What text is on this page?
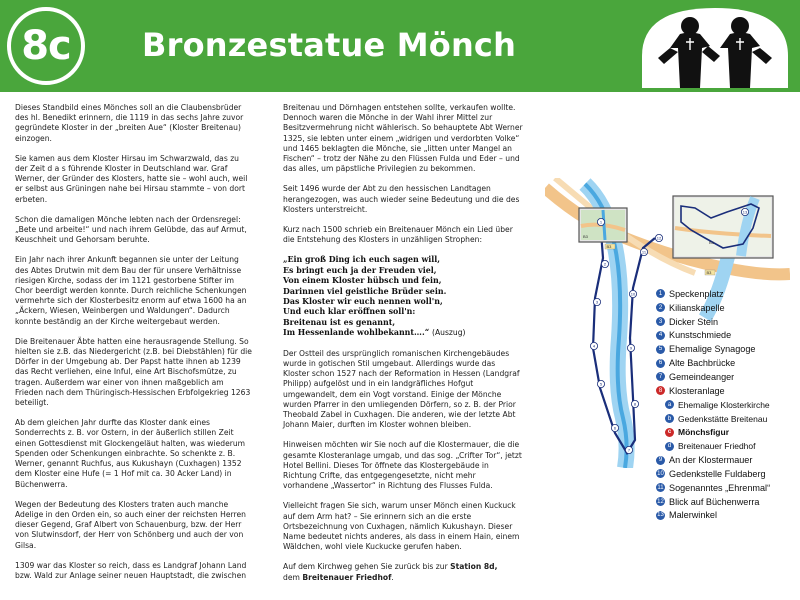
8c Bronzestatue Mönch

Dieses Standbild eines Mönches soll an die Claubensbrüder des hl. Benedikt erinnern, die 1119 in das sechs Jahre zuvor gegründete Kloster in der „breiten Aue“ (Kloster Breitenau) einzogen.

Sie kamen aus dem Kloster Hirsau im Schwarzwald, das zu der Zeit d a s führende Kloster in Deutschland war. Graf Werner, der Gründer des Klosters, hatte sie – wohl auch, weil er selbst aus Grüningen nahe bei Hirsau stammte – von dort erbeten.

Schon die damaligen Mönche lebten nach der Ordensregel: „Bete und arbeite!“ und nach ihrem Gelübde, das auf Armut, Keuschheit und Gehorsam beruhte.

Ein Jahr nach ihrer Ankunft begannen sie unter der Leitung des Abtes Drutwin mit dem Bau der für unsere Verhältnisse riesigen Kirche, sodass der im 1121 gestorbene Stifter im Chor beerdigt werden konnte. Durch reichliche Schenkungen vermehrte sich der Klosterbesitz enorm auf etwa 1600 ha an „Äckern, Wiesen, Weinbergen und Waldungen“. Dadurch konnte beständig an der Kirche weitergebaut werden.

Die Breitenauer Äbte hatten eine herausragende Stellung. So hielten sie z.B. das Niedergericht (z.B. bei Diebstählen) für die Dörfer in der Umgebung ab. Der Papst hatte ihnen ab 1239 das Recht verliehen, eine Inful, eine Art Bischofsmütze, zu tragen. Außerdem war einer von ihnen maßgeblich am Frieden nach dem Thüringisch-Hessischen Erbfolgekrieg 1263 beteiligt.

Ab dem gleichen Jahr durfte das Kloster dank eines Sonderrechts z. B. vor Ostern, in der äußerlich stillen Zeit einen Gottesdienst mit Glockengeläut halten, was wiederum Spenden oder Schenkungen einbrachte. So schenkte z. B. Werner, genannt Ruchfus, aus Kukushayn (Cuxhagen) 1352 dem Kloster eine Hufe (= 1 Hof mit ca. 30 Acker Land) in Büchenwerra.

Wegen der Bedeutung des Klosters traten auch manche Adelige in den Orden ein, so auch einer der reichsten Herren dieser Gegend, Graf Albert von Schauenburg, bzw. der Herr von Slutwinsdorf, der Herr von Schönberg und auch der von Gilsa.

1309 war das Kloster so reich, dass es Landgraf Johann Land bzw. Wald zur Anlage seiner neuen Hauptstadt, die zwischen

Breitenau und Dörnhagen entstehen sollte, verkaufen wollte. Dennoch waren die Mönche in der Wahl ihrer Mittel zur Besitzvermehrung nicht wählerisch. So behauptete Abt Werner 1325, sie lebten unter einem „widrigen und verdorbten Volke“ und 1465 beklagten die Mönche, sie „litten unter Mangel an Fischen“ – trotz der Nähe zu den Flüssen Fulda und Eder – und das alles, um päpstliche Privilegien zu bekommen.

Seit 1496 wurde der Abt zu den hessischen Landtagen herangezogen, was auch wieder seine Bedeutung und die des Klosters unterstreicht.

Kurz nach 1500 schrieb ein Breitenauer Mönch ein Lied über die Entstehung des Klosters in unzähligen Strophen:

„Ein groß Ding ich euch sagen will,
Es bringt euch ja der Freuden viel,
Von einem Kloster hübsch und fein,
Darinnen viel geistliche Brüder sein.
Das Kloster wir euch nennen woll'n,
Und euch klar eröffnen soll'n:
Breitenau ist es genannt,
Im Hessenlande wohlbekannt….“ (Auszug)

Der Ostteil des ursprünglich romanischen Kirchengebäudes wurde in gotischen Stil umgebaut. Allerdings wurde das Kloster schon 1527 nach der Reformation in Hessen (Landgraf Philipp) aufgelöst und in ein landgräfliches Hofgut umgewandelt, dem ein Vogt vorstand. Einige der Mönche wurden Pfarrer in den umliegenden Dörfern, so z. B. der Prior Theobald Zabel in Cuxhagen. Die anderen, wie der letzte Abt Johann Maier, durften im Kloster wohnen bleiben.

Hinweisen möchten wir Sie noch auf die Klostermauer, die die gesamte Klosteranlage umgab, und das sog. „Crifter Tor“, jetzt Hotel Bellini. Dieses Tor öffnete das Klostergebäude in Richtung Crifte, das entgegengesetzte, nicht mehr vorhandene „Wassertor“ in Richtung des Flusses Fulda.

Vielleicht fragen Sie sich, warum unser Mönch einen Kuckuck auf dem Arm hat? – Sie erinnern sich an die erste Ortsbezeichnung von Cuxhagen, nämlich Kukushayn. Dieser Name bedeutet nichts anderes, als dass in einem Hain, einem Wäldchen, wohl viele Kuckucke gerufen haben.

Auf dem Kirchweg gehen Sie zurück bis zur Station 8d,
dem Breitenauer Friedhof.

B3
B3
B3
B3
1
2
3
4
5
6
7
8
9
10
11
12
13
1 Speckenplatz
2 Kilianskapelle
3 Dicker Stein
4 Kunstschmiede
5 Ehemalige Synagoge
6 Alte Bachbrücke
7 Gemeindeanger
8 Klosteranlage
a Ehemalige Klosterkirche
b Gedenkstätte Breitenau
c Mönchsfigur
d Breitenauer Friedhof
9 An der Klostermauer
10 Gedenkstelle Fuldaberg
11 Sogenanntes „Ehrenmal“
12 Blick auf Büchenwerra
13 Malerwinkel
